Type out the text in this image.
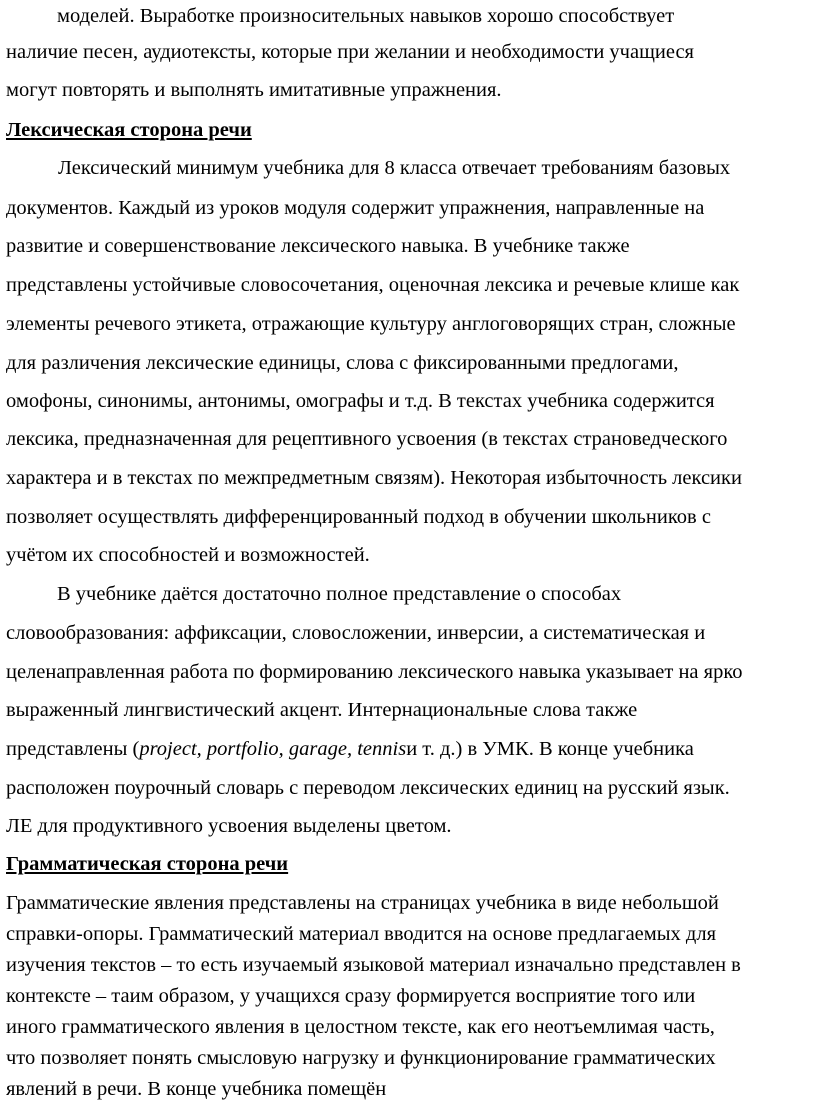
моделей. Выработке произносительных навыков хорошо способствует
наличие песен, аудиотексты, которые при желании и необходимости учащиеся
могут повторять и выполнять имитативные упражнения.
Лексическая сторона речи
Лексический минимум учебника для 8 класса отвечает требованиям базовых
документов. Каждый из уроков модуля содержит упражнения, направленные на
развитие и совершенствование лексического навыка. В учебнике также
представлены устойчивые словосочетания, оценочная лексика и речевые клише как
элементы речевого этикета, отражающие культуру англоговорящих стран, сложные
для различения лексические единицы, слова с фиксированными предлогами,
омофоны, синонимы, антонимы, омографы и т.д. В текстах учебника содержится
лексика, предназначенная для рецептивного усвоения (в текстах страноведческого
характера и в текстах по межпредметным связям). Некоторая избыточность лексики
позволяет осуществлять дифференцированный подход в обучении школьников с
учётом их способностей и возможностей.
В учебнике даётся достаточно полное представление о способах
словообразования: аффиксации, словосложении, инверсии, а систематическая и
целенаправленная работа по формированию лексического навыка указывает на ярко
выраженный лингвистический акцент. Интернациональные слова также
представлены (project, portfolio, garage, tennisи т. д.) в УМК. В конце учебника
расположен поурочный словарь с переводом лексических единиц на русский язык.
ЛЕ для продуктивного усвоения выделены цветом.
Грамматическая сторона речи
Грамматические явления представлены на страницах учебника в виде небольшой
справки-опоры. Грамматический материал вводится на основе предлагаемых для
изучения текстов – то есть изучаемый языковой материал изначально представлен в
контексте – таим образом, у учащихся сразу формируется восприятие того или
иного грамматического явления в целостном тексте, как его неотъемлимая часть,
что позволяет понять смысловую нагрузку и функционирование грамматических
явлений в речи. В конце учебника помещён
